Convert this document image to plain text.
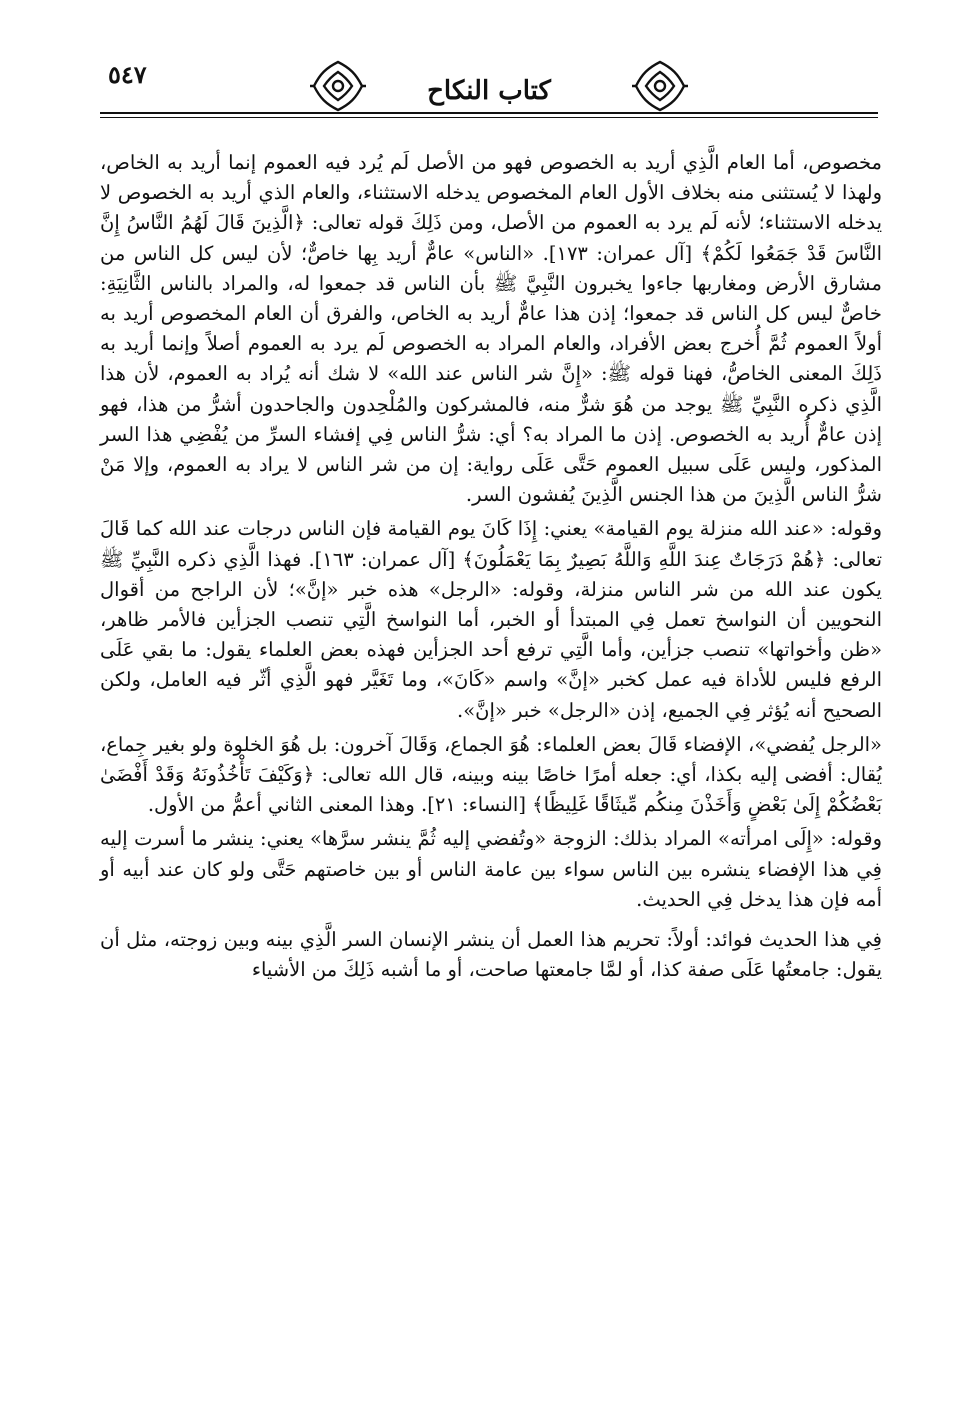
٥٤٧
كتاب النكاح

مخصوص، أما العام الَّذِي أريد به الخصوص فهو من الأصل لَم يُرد فيه العموم إنما أريد به الخاص، ولهذا لا يُستثنى منه بخلاف الأول العام المخصوص يدخله الاستثناء، والعام الذي أريد به الخصوص لا يدخله الاستثناء؛ لأنه لَم يرد به العموم من الأصل، ومن ذَلِكَ قوله تعالى: ﴿الَّذِينَ قَالَ لَهُمُ النَّاسُ إِنَّ النَّاسَ قَدْ جَمَعُوا لَكُمْ﴾ [آل عمران: ١٧٣]. «الناس» عامٌّ أريد بِها خاصٌّ؛ لأن ليس كل الناس من مشارق الأرض ومغاربها جاءوا يخبرون النَّبِيَّ ﷺ بأن الناس قد جمعوا له، والمراد بالناس الثَّانِيَةِ: خاصٌّ ليس كل الناس قد جمعوا؛ إذن هذا عامٌّ أريد به الخاص، والفرق أن العام المخصوص أريد به أولاً العموم ثُمَّ أُخرج بعض الأفراد، والعام المراد به الخصوص لَم يرد به العموم أصلاً وإنما أريد به ذَلِكَ المعنى الخاصُّ، فهنا قوله ﷺ: «إِنَّ شر الناس عند الله» لا شك أنه يُراد به العموم، لأن هذا الَّذِي ذكره النَّبِيِّ ﷺ يوجد من هُوَ شرٌّ منه، فالمشركون والمُلْحِدون والجاحدون أشرُّ من هذا، فهو إذن عامٌّ أُريد به الخصوص. إذن ما المراد به؟ أي: شرُّ الناس فِي إفشاء السرِّ من يُفْضِي هذا السر المذكور، وليس عَلَى سبيل العموم حَتَّى عَلَى رواية: إن من شر الناس لا يراد به العموم، وإلا مَنْ شرُّ الناس الَّذِينَ من هذا الجنس الَّذِينَ يُفشون السر.

وقوله: «عند الله منزلة يوم القيامة» يعني: إِذَا كَانَ يوم القيامة فإن الناس درجات عند الله كما قَالَ تعالى: ﴿هُمْ دَرَجَاتٌ عِندَ اللَّهِ وَاللَّهُ بَصِيرٌ بِمَا يَعْمَلُونَ﴾ [آل عمران: ١٦٣]. فهذا الَّذِي ذكره النَّبِيِّ ﷺ يكون عند الله من شر الناس منزلة، وقوله: «الرجل» هذه خبر «إنَّ»؛ لأن الراجح من أقوال النحويين أن النواسخ تعمل فِي المبتدأ أو الخبر، أما النواسخ الَّتِي تنصب الجزأين فالأمر ظاهر، «ظن وأخواتها» تنصب جزأين، وأما الَّتِي ترفع أحد الجزأين فهذه بعض العلماء يقول: ما بقي عَلَى الرفع فليس للأداة فيه عمل كخبر «إنَّ» واسم «كَانَ»، وما تَغَيَّر فهو الَّذِي أثّر فيه العامل، ولكن الصحيح أنه يُؤثر فِي الجميع، إذن «الرجل» خبر «إنَّ».

«الرجل يُفضي»، الإفضاء قَالَ بعض العلماء: هُوَ الجماع، وَقَالَ آخرون: بل هُوَ الخلوة ولو بغير جِماع، يُقال: أفضى إليه بكذا، أي: جعله أمرًا خاصًا بينه وبينه، قال الله تعالى: ﴿وَكَيْفَ تَأْخُذُونَهُ وَقَدْ أَفْضَىٰ بَعْضُكُمْ إِلَىٰ بَعْضٍ وَأَخَذْنَ مِنكُم مِّيثَاقًا غَلِيظًا﴾ [النساء: ٢١]. وهذا المعنى الثاني أعمُّ من الأول.

وقوله: «إِلَى امرأته» المراد بذلك: الزوجة «وتُفضي إليه ثُمَّ ينشر سرَّها» يعني: ينشر ما أسرت إليه فِي هذا الإفضاء ينشره بين الناس سواء بين عامة الناس أو بين خاصتهم حَتَّى ولو كان عند أبيه أو أمه فإن هذا يدخل فِي الحديث.

فِي هذا الحديث فوائد: أولاً: تحريم هذا العمل أن ينشر الإنسان السر الَّذِي بينه وبين زوجته، مثل أن يقول: جامعتُها عَلَى صفة كذا، أو لمَّا جامعتها صاحت، أو ما أشبه ذَلِكَ من الأشياء
